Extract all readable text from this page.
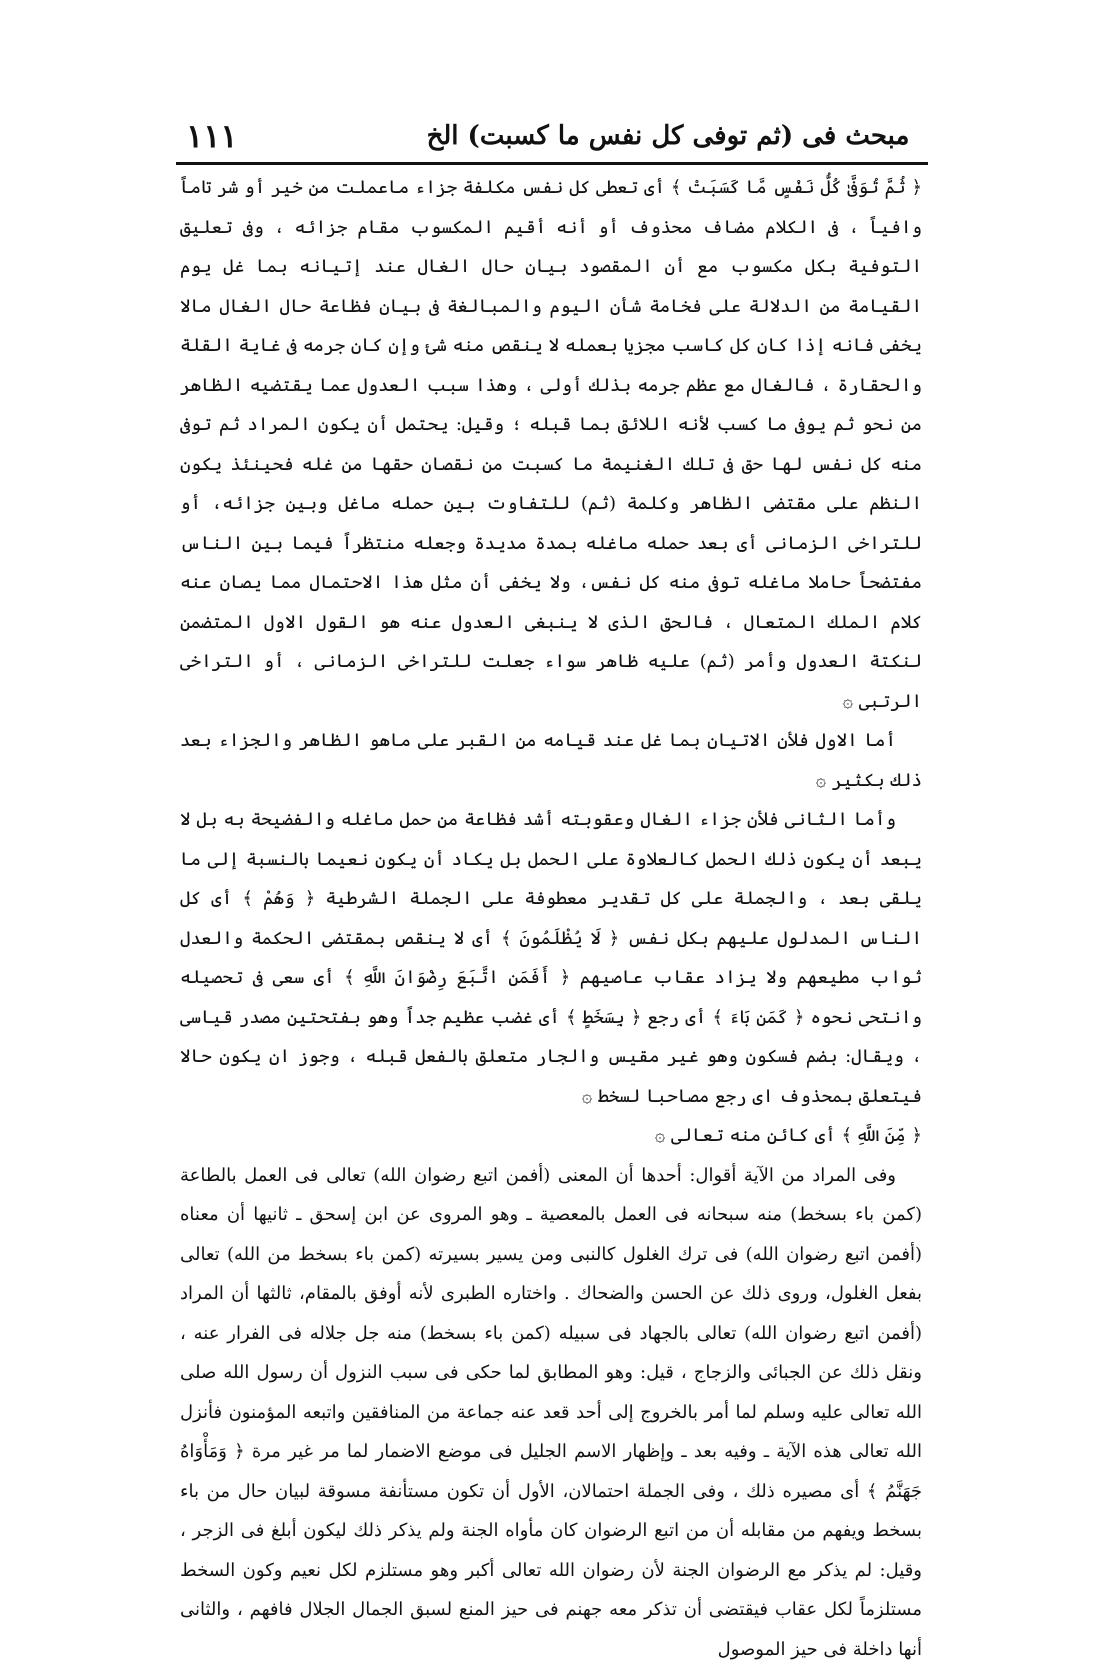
مبحث فى (ثم توفى كل نفس ما كسبت) الخ
١١١

﴿ ثُمَّ تُوَفَّىٰ كُلُّ نَفْسٍ مَّا كَسَبَتْ ﴾ أى تعطى كل نفس مكلفة جزاء ماعملت من خير أو شر تاماً وافياً ، فى الكلام مضاف محذوف أو أنه أقيم المكسوب مقام جزائه ، وفى تعليق التوفية بكل مكسوب مع أن المقصود بيان حال الغال عند إتيانه بما غل يوم القيامة من الدلالة على فخامة شأن اليوم والمبالغة فى بيان فظاعة حال الغال مالا يخفى فانه إذا كان كل كاسب مجزيا بعمله لا ينقص منه شئ وإن كان جرمه فى غاية القلة والحقارة ، فالغال مع عظم جرمه بذلك أولى ، وهذا سبب العدول عما يقتضيه الظاهر من نحو ثم يوفى ما كسب لأنه اللائق بما قبله ؛ وقيل: يحتمل أن يكون المراد ثم توفى منه كل نفس لها حق فى تلك الغنيمة ما كسبت من نقصان حقها من غله فحينئذ يكون النظم على مقتضى الظاهر وكلمة (ثم) للتفاوت بين حمله ماغل وبين جزائه، أو للتراخى الزمانى أى بعد حمله ماغله بمدة مديدة وجعله منتظراً فيما بين الناس مفتضحاً حاملا ماغله توفى منه كل نفس، ولا يخفى أن مثل هذا الاحتمال مما يصان عنه كلام الملك المتعال ، فالحق الذى لا ينبغى العدول عنه هو القول الاول المتضمن لنكتة العدول وأمر (ثم) عليه ظاهر سواء جعلت للتراخى الزمانى ، أو التراخى الرتبى ۞

أما الاول فلأن الاتيان بما غل عند قيامه من القبر على ماهو الظاهر والجزاء بعد ذلك بكثير ۞

وأما الثانى فلأن جزاء الغال وعقوبته أشد فظاعة من حمل ماغله والفضيحة به بل لا يبعد أن يكون ذلك الحمل كالعلاوة على الحمل بل يكاد أن يكون نعيما بالنسبة إلى ما يلقى بعد ، والجملة على كل تقدير معطوفة على الجملة الشرطية ﴿ وَهُمْ ﴾ أى كل الناس المدلول عليهم بكل نفس ﴿ لَا يُظْلَمُونَ ﴾ أى لا ينقص بمقتضى الحكمة والعدل ثواب مطيعهم ولا يزاد عقاب عاصيهم ﴿ أَفَمَنِ اتَّبَعَ رِضْوَانَ اللَّهِ ﴾ أى سعى فى تحصيله وانتحى نحوه ﴿ كَمَن بَاءَ ﴾ أى رجع ﴿ بِسَخَطٍ ﴾ أى غضب عظيم جداً وهو بفتحتين مصدر قياسى ، ويقال: بضم فسكون وهو غير مقيس والجار متعلق بالفعل قبله ، وجوز ان يكون حالا فيتعلق بمحذوف اى رجع مصاحبا لسخط ۞

﴿ مِّنَ اللَّهِ ﴾ أى كائن منه تعالى ۞

وفى المراد من الآية أقوال: أحدها أن المعنى (أفمن اتبع رضوان الله) تعالى فى العمل بالطاعة (كمن باء بسخط) منه سبحانه فى العمل بالمعصية ـ وهو المروى عن ابن إسحق ـ ثانيها أن معناه (أفمن اتبع رضوان الله) فى ترك الغلول كالنبى ومن يسير بسيرته (كمن باء بسخط من الله) تعالى بفعل الغلول، وروى ذلك عن الحسن والضحاك . واختاره الطبرى لأنه أوفق بالمقام، ثالثها أن المراد (أفمن اتبع رضوان الله) تعالى بالجهاد فى سبيله (كمن باء بسخط) منه جل جلاله فى الفرار عنه ، ونقل ذلك عن الجبائى والزجاج ، قيل: وهو المطابق لما حكى فى سبب النزول أن رسول الله صلى الله تعالى عليه وسلم لما أمر بالخروج إلى أحد قعد عنه جماعة من المنافقين واتبعه المؤمنون فأنزل الله تعالى هذه الآية ـ وفيه بعد ـ وإظهار الاسم الجليل فى موضع الاضمار لما مر غير مرة ﴿ وَمَأْوَاهُ جَهَنَّمُ ﴾ أى مصيره ذلك ، وفى الجملة احتمالان، الأول أن تكون مستأنفة مسوقة لبيان حال من باء بسخط ويفهم من مقابله أن من اتبع الرضوان كان مأواه الجنة ولم يذكر ذلك ليكون أبلغ فى الزجر ، وقيل: لم يذكر مع الرضوان الجنة لأن رضوان الله تعالى أكبر وهو مستلزم لكل نعيم وكون السخط مستلزماً لكل عقاب فيقتضى أن تذكر معه جهنم فى حيز المنع لسبق الجمال الجلال فافهم ، والثانى أنها داخلة فى حيز الموصول
